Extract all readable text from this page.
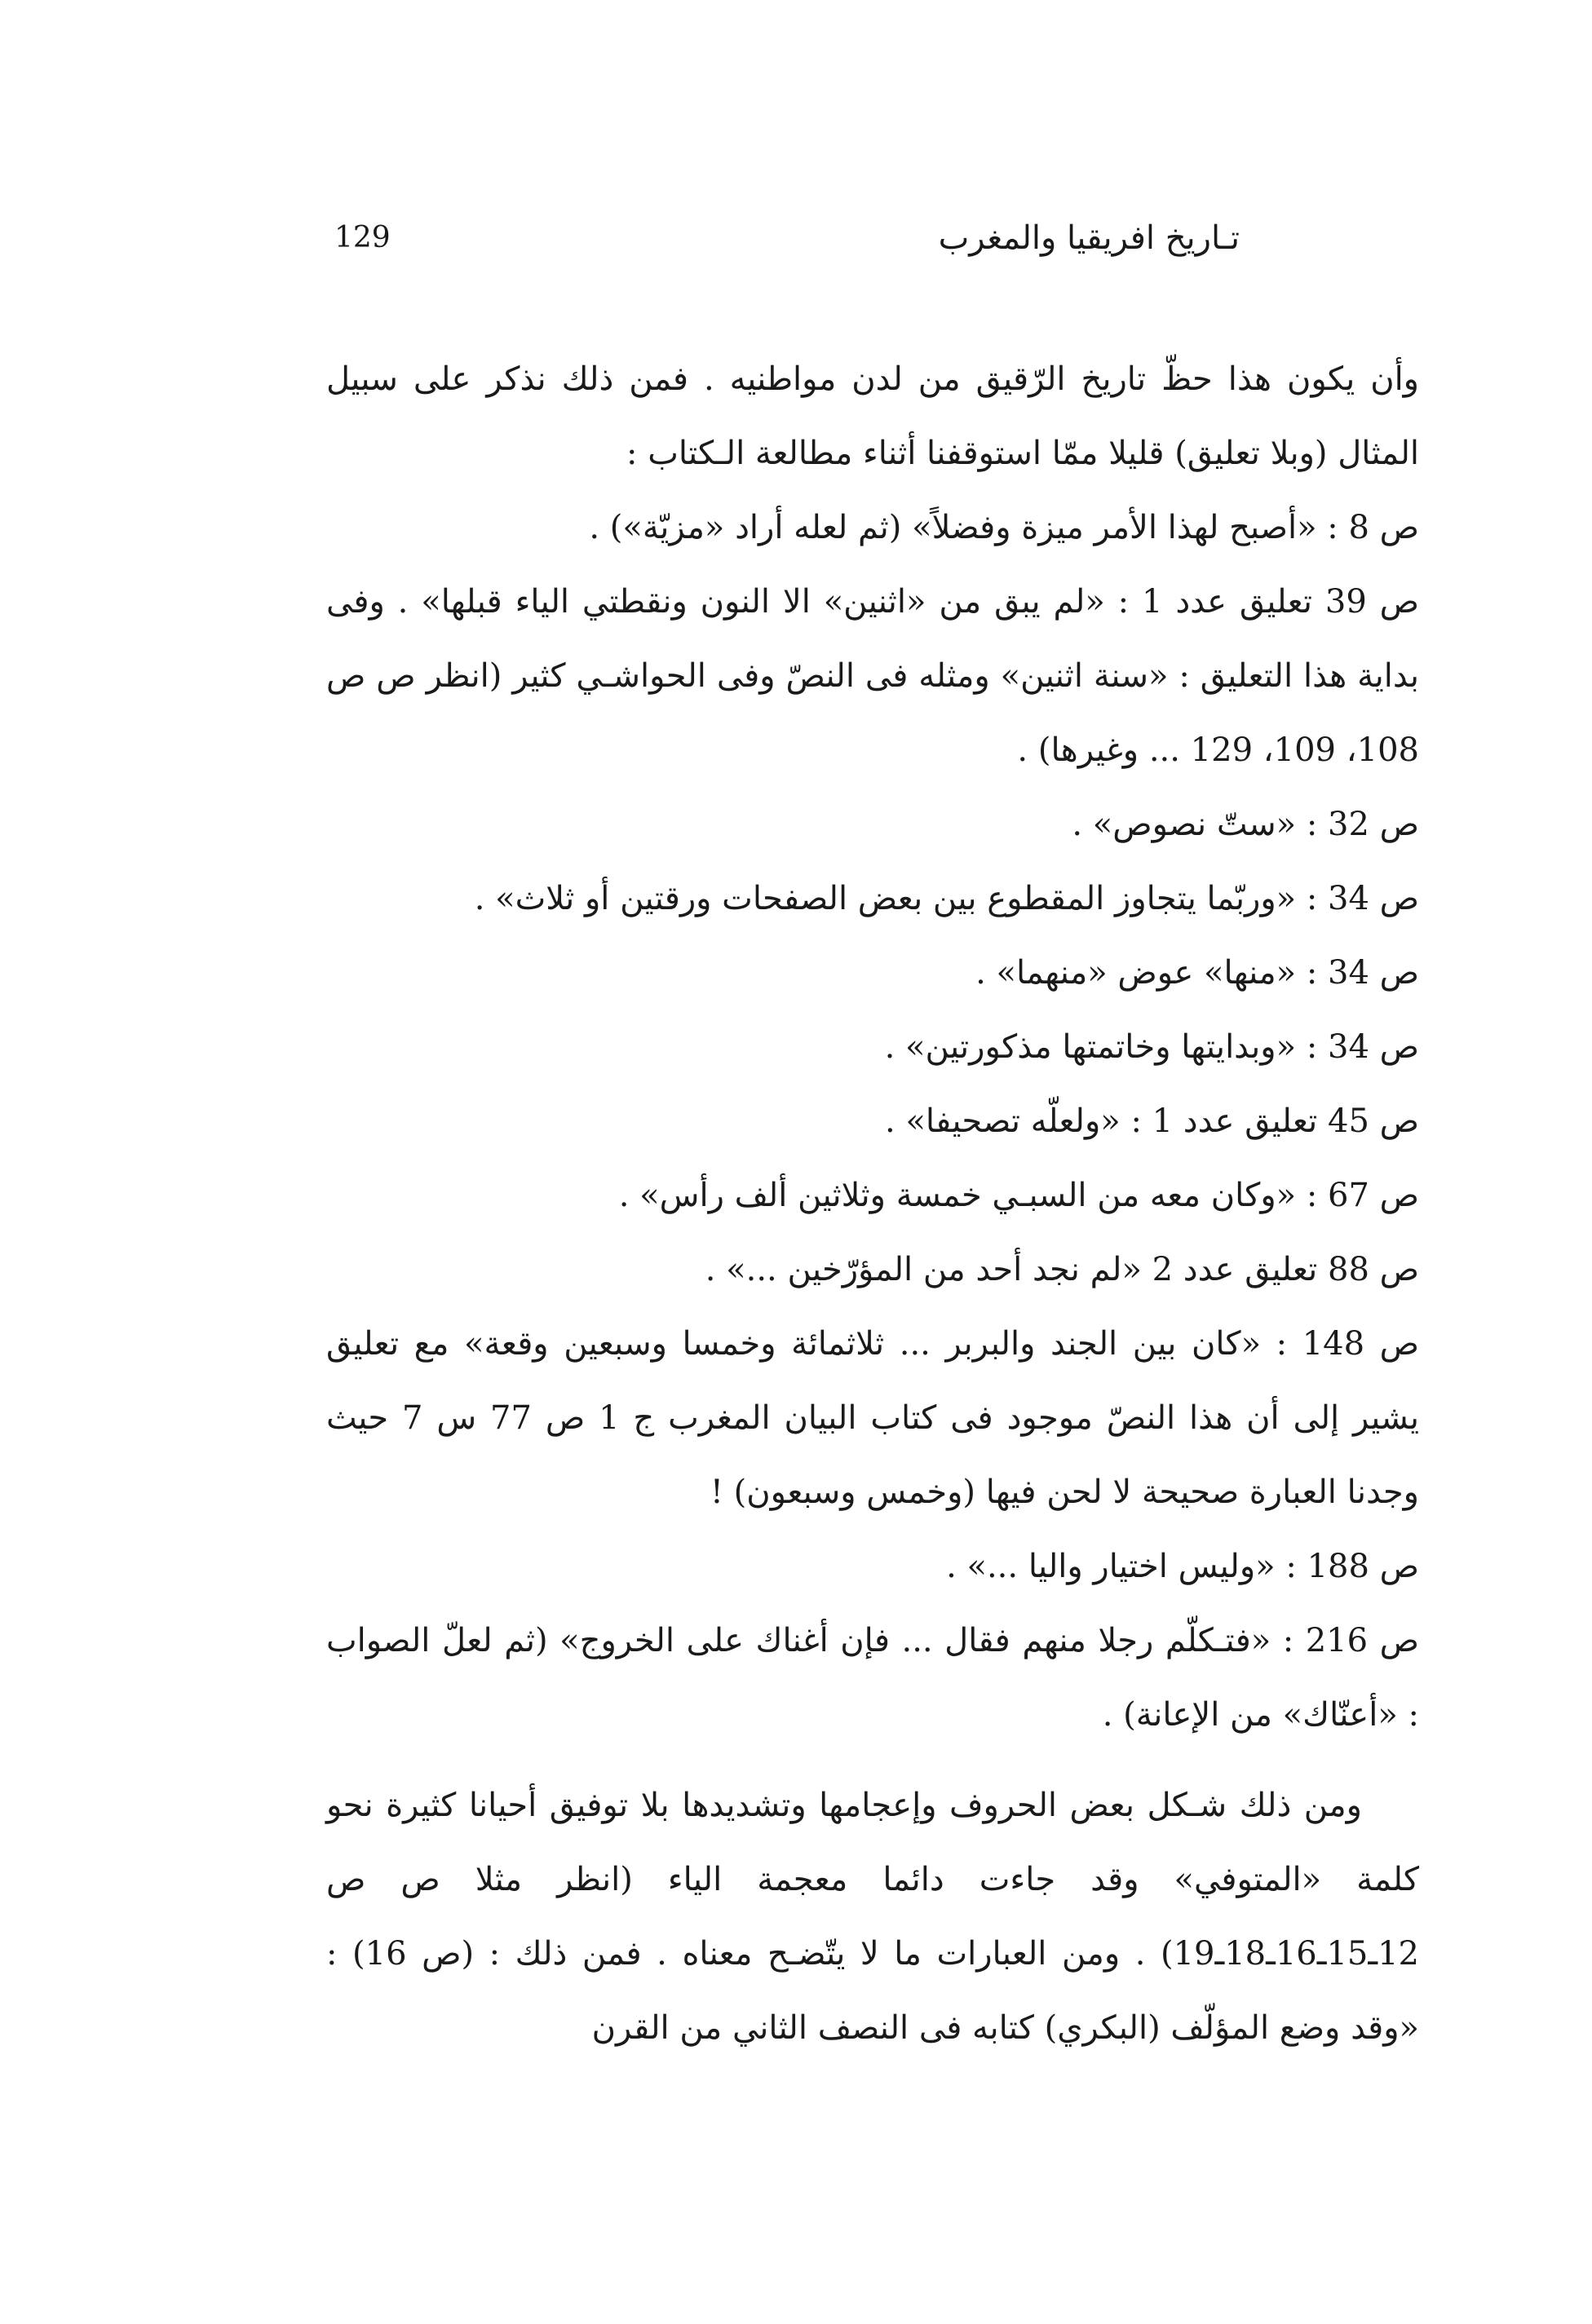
129	تـاريخ افريقيا والمغرب

وأن يكون هذا حظّ تاريخ الرّقيق من لدن مواطنيه . فمن ذلك نذكر على سبيل المثال (وبلا تعليق) قليلا ممّا استوقفنا أثناء مطالعة الـكتاب :

ص 8 : «أصبح لهذا الأمر ميزة وفضلاً» (ثم لعله أراد «مزيّة») .

ص 39 تعليق عدد 1 : «لم يبق من «اثنين» الا النون ونقطتي الياء قبلها» . وفى بداية هذا التعليق : «سنة اثنين» ومثله فى النصّ وفى الحواشـي كثير (انظر ص ص 108، 109، 129 ... وغيرها) .

ص 32 : «ستّ نصوص» .

ص 34 : «وربّما يتجاوز المقطوع بين بعض الصفحات ورقتين أو ثلاث» .

ص 34 : «منها» عوض «منهما» .

ص 34 : «وبدايتها وخاتمتها مذكورتين» .

ص 45 تعليق عدد 1 : «ولعلّه تصحيفا» .

ص 67 : «وكان معه من السبـي خمسة وثلاثين ألف رأس» .

ص 88 تعليق عدد 2 «لم نجد أحد من المؤرّخين ...» .

ص 148 : «كان بين الجند والبربر ... ثلاثمائة وخمسا وسبعين وقعة» مع تعليق يشير إلى أن هذا النصّ موجود فى كتاب البيان المغرب ج 1 ص 77 س 7 حيث وجدنا العبارة صحيحة لا لحن فيها (وخمس وسبعون) !

ص 188 : «وليس اختيار واليا ...» .

ص 216 : «فتـكلّم رجلا منهم فقال ... فإن أغناك على الخروج» (ثم لعلّ الصواب : «أعنّاك» من الإعانة) .

ومن ذلك شـكل بعض الحروف وإعجامها وتشديدها بلا توفيق أحيانا كثيرة نحو كلمة «المتوفي» وقد جاءت دائما معجمة الياء (انظر مثلا ص ص 12ـ15ـ16ـ18ـ19) . ومن العبارات ما لا يتّضـح معناه . فمن ذلك : (ص 16) : «وقد وضع المؤلّف (البكري) كتابه فى النصف الثاني من القرن
